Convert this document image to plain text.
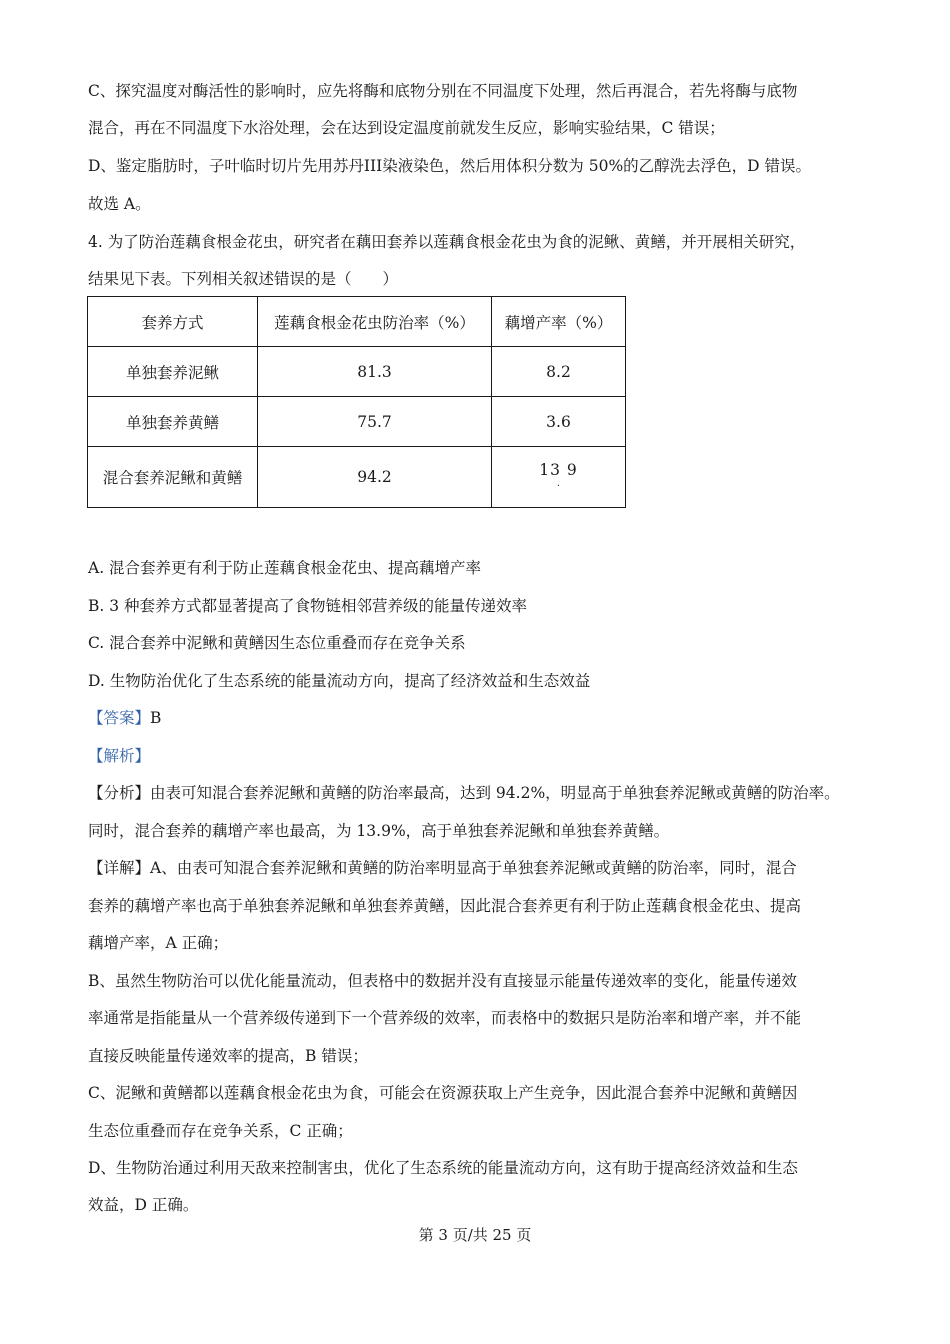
C、探究温度对酶活性的影响时，应先将酶和底物分别在不同温度下处理，然后再混合，若先将酶与底物
混合，再在不同温度下水浴处理，会在达到设定温度前就发生反应，影响实验结果，C 错误；
D、鉴定脂肪时，子叶临时切片先用苏丹III染液染色，然后用体积分数为 50%的乙醇洗去浮色，D 错误。
故选 A。
4. 为了防治莲藕食根金花虫，研究者在藕田套养以莲藕食根金花虫为食的泥鳅、黄鳝，并开展相关研究，
结果见下表。下列相关叙述错误的是（　　）
套养方式	莲藕食根金花虫防治率（%）	藕增产率（%）
单独套养泥鳅	81.3	8.2
单独套养黄鳝	75.7	3.6
混合套养泥鳅和黄鳝	94.2	13 9
.
A. 混合套养更有利于防止莲藕食根金花虫、提高藕增产率
B. 3 种套养方式都显著提高了食物链相邻营养级的能量传递效率
C. 混合套养中泥鳅和黄鳝因生态位重叠而存在竞争关系
D. 生物防治优化了生态系统的能量流动方向，提高了经济效益和生态效益
【答案】B
【解析】
【分析】由表可知混合套养泥鳅和黄鳝的防治率最高，达到 94.2%，明显高于单独套养泥鳅或黄鳝的防治率。
同时，混合套养的藕增产率也最高，为 13.9%，高于单独套养泥鳅和单独套养黄鳝。
【详解】A、由表可知混合套养泥鳅和黄鳝的防治率明显高于单独套养泥鳅或黄鳝的防治率，同时，混合
套养的藕增产率也高于单独套养泥鳅和单独套养黄鳝，因此混合套养更有利于防止莲藕食根金花虫、提高
藕增产率，A 正确；
B、虽然生物防治可以优化能量流动，但表格中的数据并没有直接显示能量传递效率的变化，能量传递效
率通常是指能量从一个营养级传递到下一个营养级的效率，而表格中的数据只是防治率和增产率，并不能
直接反映能量传递效率的提高，B 错误；
C、泥鳅和黄鳝都以莲藕食根金花虫为食，可能会在资源获取上产生竞争，因此混合套养中泥鳅和黄鳝因
生态位重叠而存在竞争关系，C 正确；
D、生物防治通过利用天敌来控制害虫，优化了生态系统的能量流动方向，这有助于提高经济效益和生态
效益，D 正确。
第 3 页/共 25 页
